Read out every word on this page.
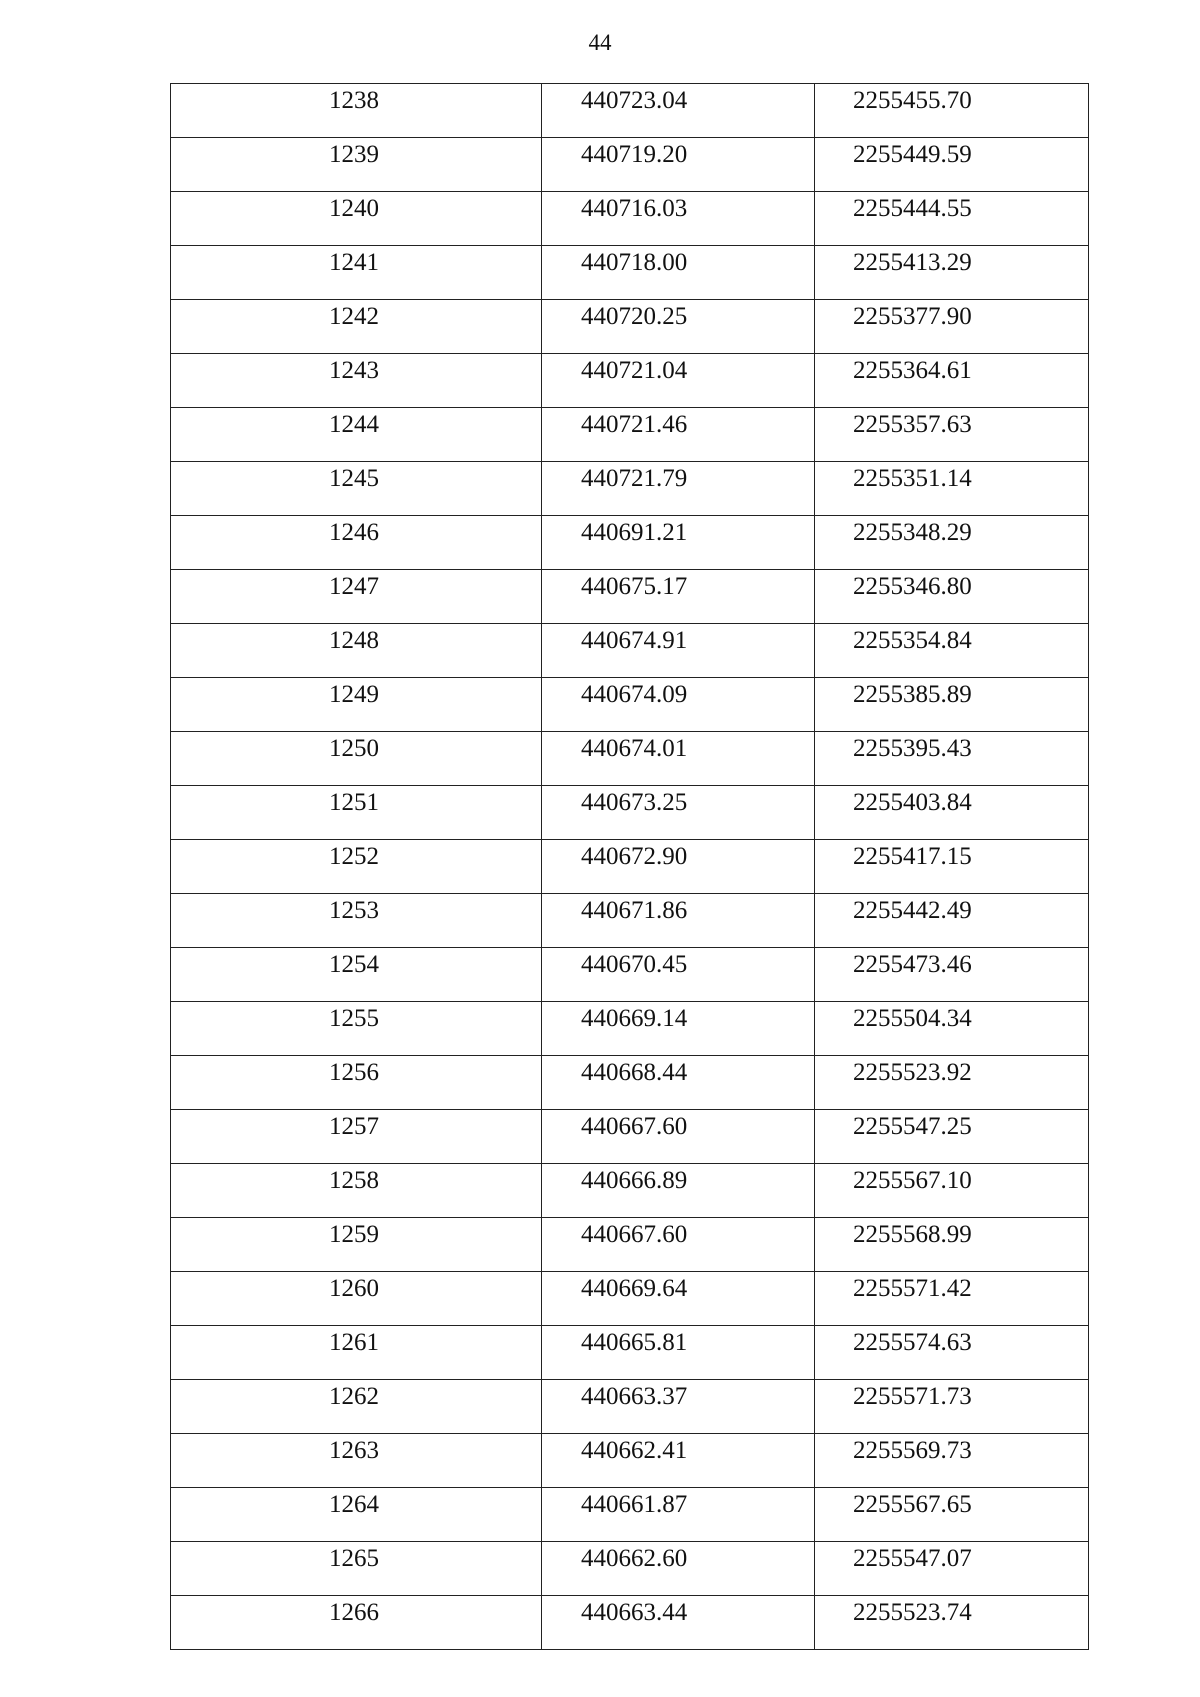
44
1238	440723.04	2255455.70

1239	440719.20	2255449.59

1240	440716.03	2255444.55

1241	440718.00	2255413.29

1242	440720.25	2255377.90

1243	440721.04	2255364.61

1244	440721.46	2255357.63

1245	440721.79	2255351.14

1246	440691.21	2255348.29

1247	440675.17	2255346.80

1248	440674.91	2255354.84

1249	440674.09	2255385.89

1250	440674.01	2255395.43

1251	440673.25	2255403.84

1252	440672.90	2255417.15

1253	440671.86	2255442.49

1254	440670.45	2255473.46

1255	440669.14	2255504.34

1256	440668.44	2255523.92

1257	440667.60	2255547.25

1258	440666.89	2255567.10

1259	440667.60	2255568.99

1260	440669.64	2255571.42

1261	440665.81	2255574.63

1262	440663.37	2255571.73

1263	440662.41	2255569.73

1264	440661.87	2255567.65

1265	440662.60	2255547.07

1266	440663.44	2255523.74
